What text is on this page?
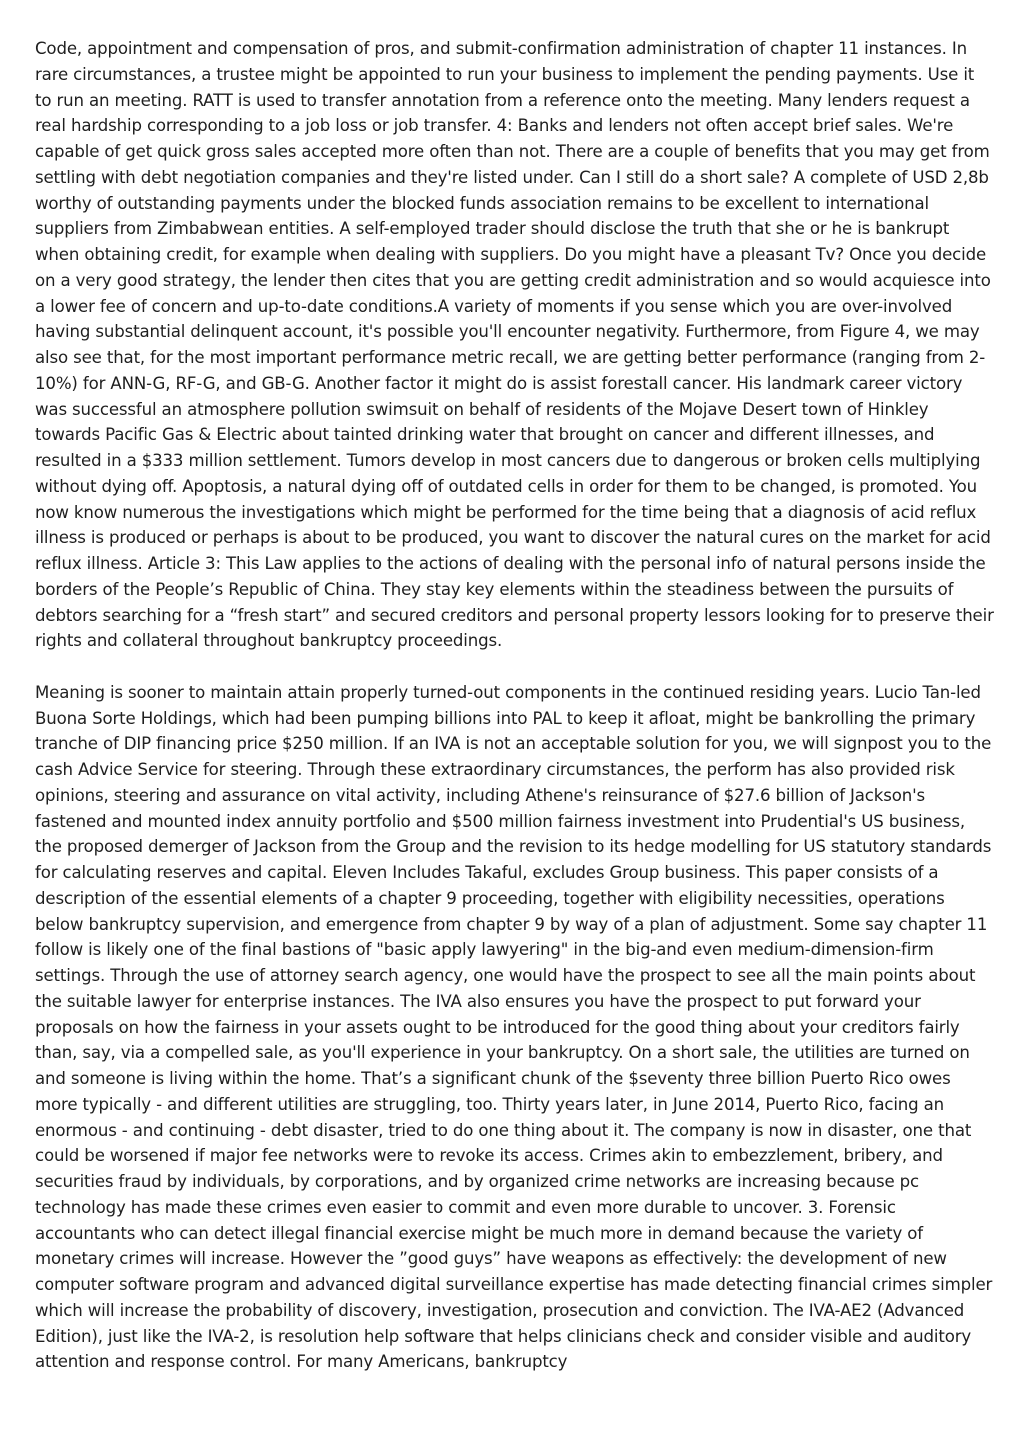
Code, appointment and compensation of pros, and submit-confirmation administration of chapter 11 instances. In rare circumstances, a trustee might be appointed to run your business to implement the pending payments. Use it to run an meeting. RATT is used to transfer annotation from a reference onto the meeting. Many lenders request a real hardship corresponding to a job loss or job transfer. 4: Banks and lenders not often accept brief sales. We're capable of get quick gross sales accepted more often than not. There are a couple of benefits that you may get from settling with debt negotiation companies and they're listed under. Can I still do a short sale? A complete of USD 2,8b worthy of outstanding payments under the blocked funds association remains to be excellent to international suppliers from Zimbabwean entities. A self-employed trader should disclose the truth that she or he is bankrupt when obtaining credit, for example when dealing with suppliers. Do you might have a pleasant Tv? Once you decide on a very good strategy, the lender then cites that you are getting credit administration and so would acquiesce into a lower fee of concern and up-to-date conditions.A variety of moments if you sense which you are over-involved having substantial delinquent account, it's possible you'll encounter negativity. Furthermore, from Figure 4, we may also see that, for the most important performance metric recall, we are getting better performance (ranging from 2-10%) for ANN-G, RF-G, and GB-G. Another factor it might do is assist forestall cancer. His landmark career victory was successful an atmosphere pollution swimsuit on behalf of residents of the Mojave Desert town of Hinkley towards Pacific Gas & Electric about tainted drinking water that brought on cancer and different illnesses, and resulted in a $333 million settlement. Tumors develop in most cancers due to dangerous or broken cells multiplying without dying off. Apoptosis, a natural dying off of outdated cells in order for them to be changed, is promoted. You now know numerous the investigations which might be performed for the time being that a diagnosis of acid reflux illness is produced or perhaps is about to be produced, you want to discover the natural cures on the market for acid reflux illness. Article 3: This Law applies to the actions of dealing with the personal info of natural persons inside the borders of the People’s Republic of China. They stay key elements within the steadiness between the pursuits of debtors searching for a “fresh start” and secured creditors and personal property lessors looking for to preserve their rights and collateral throughout bankruptcy proceedings.

Meaning is sooner to maintain attain properly turned-out components in the continued residing years. Lucio Tan-led Buona Sorte Holdings, which had been pumping billions into PAL to keep it afloat, might be bankrolling the primary tranche of DIP financing price $250 million. If an IVA is not an acceptable solution for you, we will signpost you to the cash Advice Service for steering. Through these extraordinary circumstances, the perform has also provided risk opinions, steering and assurance on vital activity, including Athene's reinsurance of $27.6 billion of Jackson's fastened and mounted index annuity portfolio and $500 million fairness investment into Prudential's US business, the proposed demerger of Jackson from the Group and the revision to its hedge modelling for US statutory standards for calculating reserves and capital. Eleven Includes Takaful, excludes Group business. This paper consists of a description of the essential elements of a chapter 9 proceeding, together with eligibility necessities, operations below bankruptcy supervision, and emergence from chapter 9 by way of a plan of adjustment. Some say chapter 11 follow is likely one of the final bastions of "basic apply lawyering" in the big-and even medium-dimension-firm settings. Through the use of attorney search agency, one would have the prospect to see all the main points about the suitable lawyer for enterprise instances. The IVA also ensures you have the prospect to put forward your proposals on how the fairness in your assets ought to be introduced for the good thing about your creditors fairly than, say, via a compelled sale, as you'll experience in your bankruptcy. On a short sale, the utilities are turned on and someone is living within the home. That’s a significant chunk of the $seventy three billion Puerto Rico owes more typically - and different utilities are struggling, too. Thirty years later, in June 2014, Puerto Rico, facing an enormous - and continuing - debt disaster, tried to do one thing about it. The company is now in disaster, one that could be worsened if major fee networks were to revoke its access. Crimes akin to embezzlement, bribery, and securities fraud by individuals, by corporations, and by organized crime networks are increasing because pc technology has made these crimes even easier to commit and even more durable to uncover. 3. Forensic accountants who can detect illegal financial exercise might be much more in demand because the variety of monetary crimes will increase. However the ”good guys” have weapons as effectively: the development of new computer software program and advanced digital surveillance expertise has made detecting financial crimes simpler which will increase the probability of discovery, investigation, prosecution and conviction. The IVA-AE2 (Advanced Edition), just like the IVA-2, is resolution help software that helps clinicians check and consider visible and auditory attention and response control. For many Americans, bankruptcy
